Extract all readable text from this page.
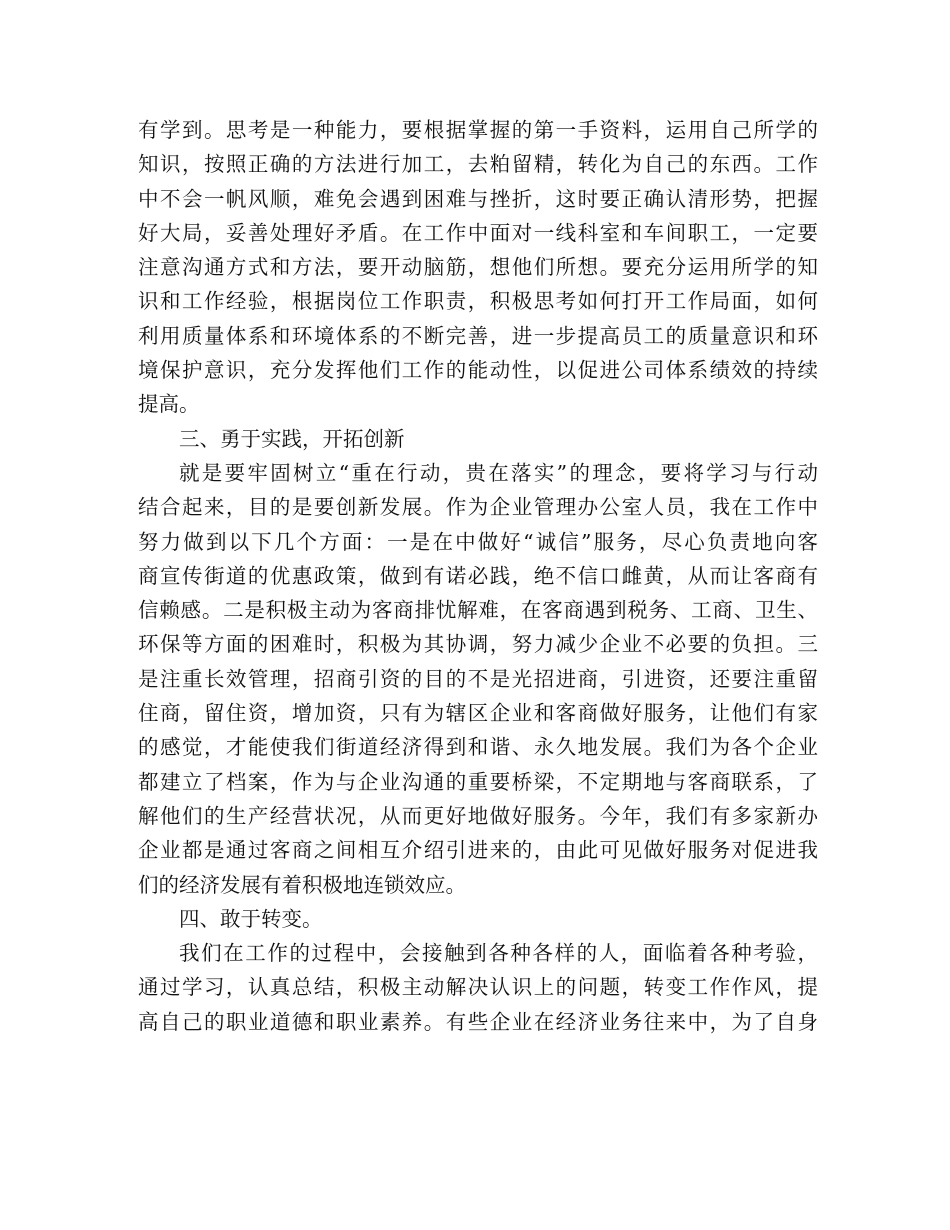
有学到。思考是一种能力，要根据掌握的第一手资料，运用自己所学的
知识，按照正确的方法进行加工，去粕留精，转化为自己的东西。工作
中不会一帆风顺，难免会遇到困难与挫折，这时要正确认清形势，把握
好大局，妥善处理好矛盾。在工作中面对一线科室和车间职工，一定要
注意沟通方式和方法，要开动脑筋，想他们所想。要充分运用所学的知
识和工作经验，根据岗位工作职责，积极思考如何打开工作局面，如何
利用质量体系和环境体系的不断完善，进一步提高员工的质量意识和环
境保护意识，充分发挥他们工作的能动性，以促进公司体系绩效的持续
提高。
三、勇于实践，开拓创新
就是要牢固树立“重在行动，贵在落实”的理念，要将学习与行动
结合起来，目的是要创新发展。作为企业管理办公室人员，我在工作中
努力做到以下几个方面：一是在中做好“诚信”服务，尽心负责地向客
商宣传街道的优惠政策，做到有诺必践，绝不信口雌黄，从而让客商有
信赖感。二是积极主动为客商排忧解难，在客商遇到税务、工商、卫生、
环保等方面的困难时，积极为其协调，努力减少企业不必要的负担。三
是注重长效管理，招商引资的目的不是光招进商，引进资，还要注重留
住商，留住资，增加资，只有为辖区企业和客商做好服务，让他们有家
的感觉，才能使我们街道经济得到和谐、永久地发展。我们为各个企业
都建立了档案，作为与企业沟通的重要桥梁，不定期地与客商联系，了
解他们的生产经营状况，从而更好地做好服务。今年，我们有多家新办
企业都是通过客商之间相互介绍引进来的，由此可见做好服务对促进我
们的经济发展有着积极地连锁效应。
四、敢于转变。
我们在工作的过程中，会接触到各种各样的人，面临着各种考验，
通过学习，认真总结，积极主动解决认识上的问题，转变工作作风，提
高自己的职业道德和职业素养。有些企业在经济业务往来中，为了自身
